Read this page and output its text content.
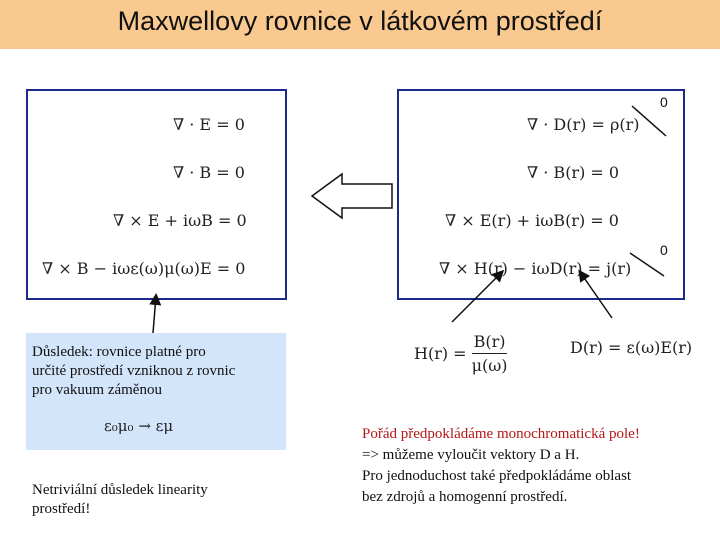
Maxwellovy rovnice v látkovém prostředí
∇ · E = 0
∇ · B = 0
∇ × E + iωB = 0
∇ × B − iωε(ω)μ(ω)E = 0
∇ · D(r) = ρ(r)
∇ · B(r) = 0
∇ × E(r) + iωB(r) = 0
∇ × H(r) − iωD(r) = j(r)
0
0
$H(r) = \frac{B(r)}{\mu(\omega)}$	D(r) = ε(ω)E(r)
Důsledek: rovnice platné pro
určité prostředí vzniknou z rovnic
pro vakuum záměnou
ε₀μ₀ → εμ
Netriviální důsledek linearity
prostředí!
Pořád předpokládáme monochromatická pole!
=> můžeme vyloučit vektory D a H.
Pro jednoduchost také předpokládáme oblast
bez zdrojů a homogenní prostředí.
